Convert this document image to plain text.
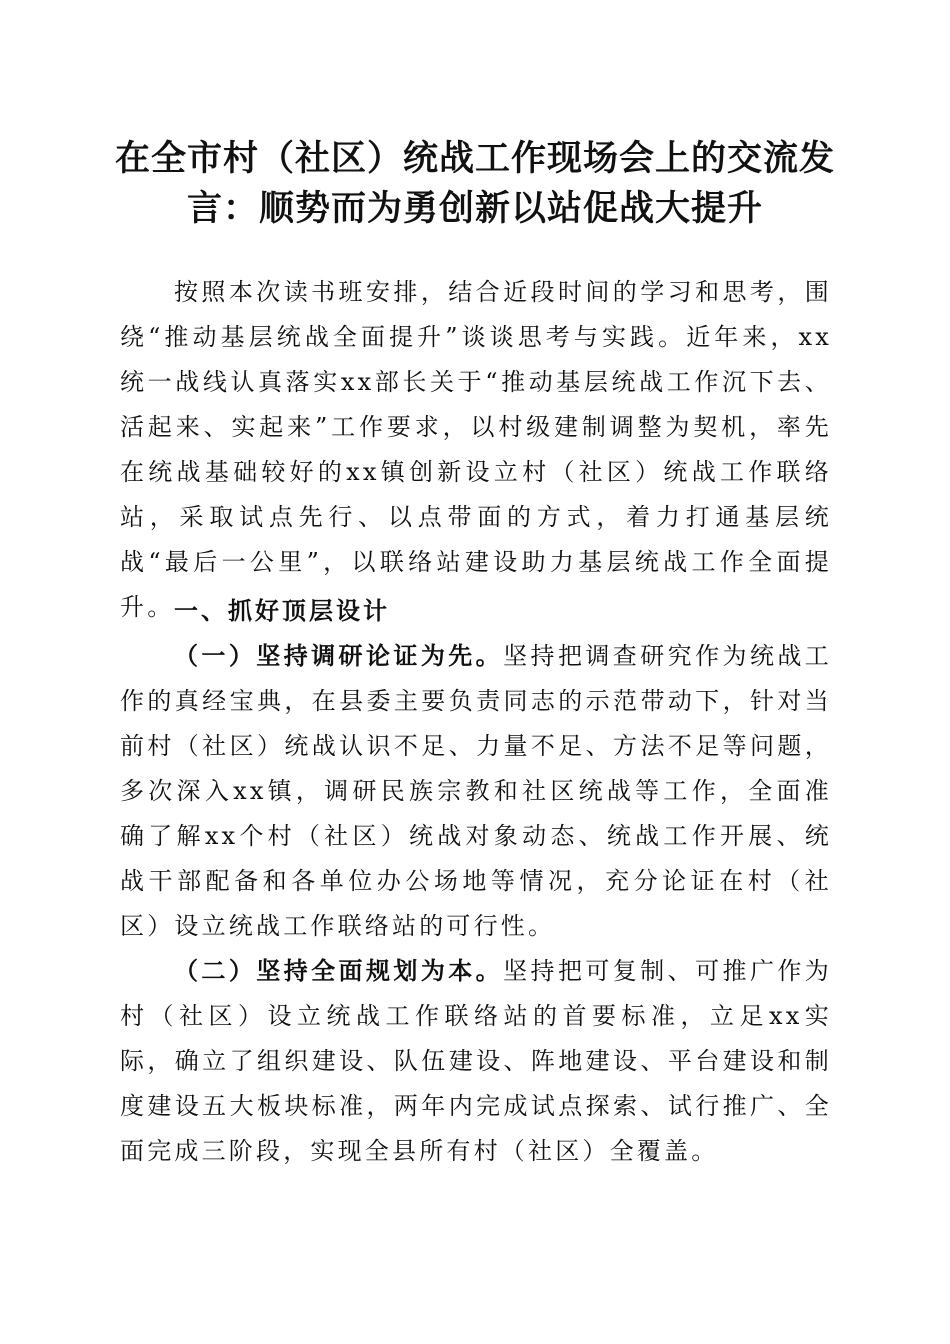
在全市村（社区）统战工作现场会上的交流发言：顺势而为勇创新以站促战大提升

按照本次读书班安排，结合近段时间的学习和思考，围绕“推动基层统战全面提升”谈谈思考与实践。近年来，xx统一战线认真落实xx部长关于“推动基层统战工作沉下去、活起来、实起来”工作要求，以村级建制调整为契机，率先在统战基础较好的xx镇创新设立村（社区）统战工作联络站，采取试点先行、以点带面的方式，着力打通基层统战“最后一公里”，以联络站建设助力基层统战工作全面提升。 一、抓好顶层设计

（一）坚持调研论证为先。坚持把调查研究作为统战工作的真经宝典，在县委主要负责同志的示范带动下，针对当前村（社区）统战认识不足、力量不足、方法不足等问题，多次深入xx镇，调研民族宗教和社区统战等工作，全面准确了解xx个村（社区）统战对象动态、统战工作开展、统战干部配备和各单位办公场地等情况，充分论证在村（社区）设立统战工作联络站的可行性。

（二）坚持全面规划为本。坚持把可复制、可推广作为村（社区）设立统战工作联络站的首要标准，立足xx实际，确立了组织建设、队伍建设、阵地建设、平台建设和制度建设五大板块标准，两年内完成试点探索、试行推广、全面完成三阶段，实现全县所有村（社区）全覆盖。
